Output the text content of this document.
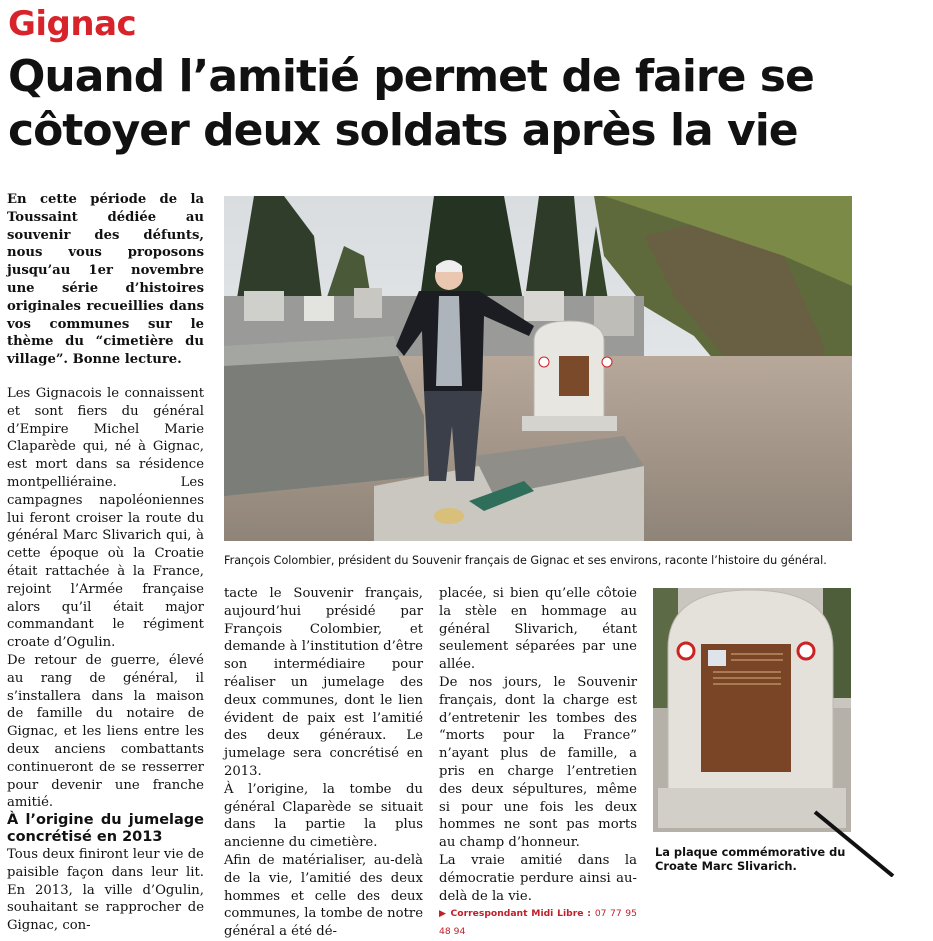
Gignac
Quand l’amitié permet de faire se côtoyer deux soldats après la vie

En cette période de la Toussaint dédiée au souvenir des défunts, nous vous proposons jusqu’au 1er novembre une série d’histoires originales recueillies dans vos communes sur le thème du “cimetière du village”. Bonne lecture.

Les Gignacois le connaissent et sont fiers du général d’Empire Michel Marie Claparède qui, né à Gignac, est mort dans sa résidence montpelliéraine. Les campagnes napoléoniennes lui feront croiser la route du général Marc Slivarich qui, à cette époque où la Croatie était rattachée à la France, rejoint l’Armée française alors qu’il était major commandant le régiment croate d’Ogulin.

De retour de guerre, élevé au rang de général, il s’installera dans la maison de famille du notaire de Gignac, et les liens entre les deux anciens combattants continueront de se resserrer pour devenir une franche amitié.

À l’origine du jumelage concrétisé en 2013

Tous deux finiront leur vie de paisible façon dans leur lit. En 2013, la ville d’Ogulin, souhaitant se rapprocher de Gignac, con-

François Colombier, président du Souvenir français de Gignac et ses environs, raconte l’histoire du général.

tacte le Souvenir français, aujourd’hui présidé par François Colombier, et demande à l’institution d’être son intermédiaire pour réaliser un jumelage des deux communes, dont le lien évident de paix est l’amitié des deux généraux. Le jumelage sera concrétisé en 2013.

À l’origine, la tombe du général Claparède se situait dans la partie la plus ancienne du cimetière.

Afin de matérialiser, au-delà de la vie, l’amitié des deux hommes et celle des deux communes, la tombe de notre général a été dé-

placée, si bien qu’elle côtoie la stèle en hommage au général Slivarich, étant seulement séparées par une allée.

De nos jours, le Souvenir français, dont la charge est d’entretenir les tombes des “morts pour la France” n’ayant plus de famille, a pris en charge l’entretien des deux sépultures, même si pour une fois les deux hommes ne sont pas morts au champ d’honneur.

La vraie amitié dans la démocratie perdure ainsi au-delà de la vie.

▶ Correspondant Midi Libre : 07 77 95 48 94

La plaque commémorative du Croate Marc Slivarich.
